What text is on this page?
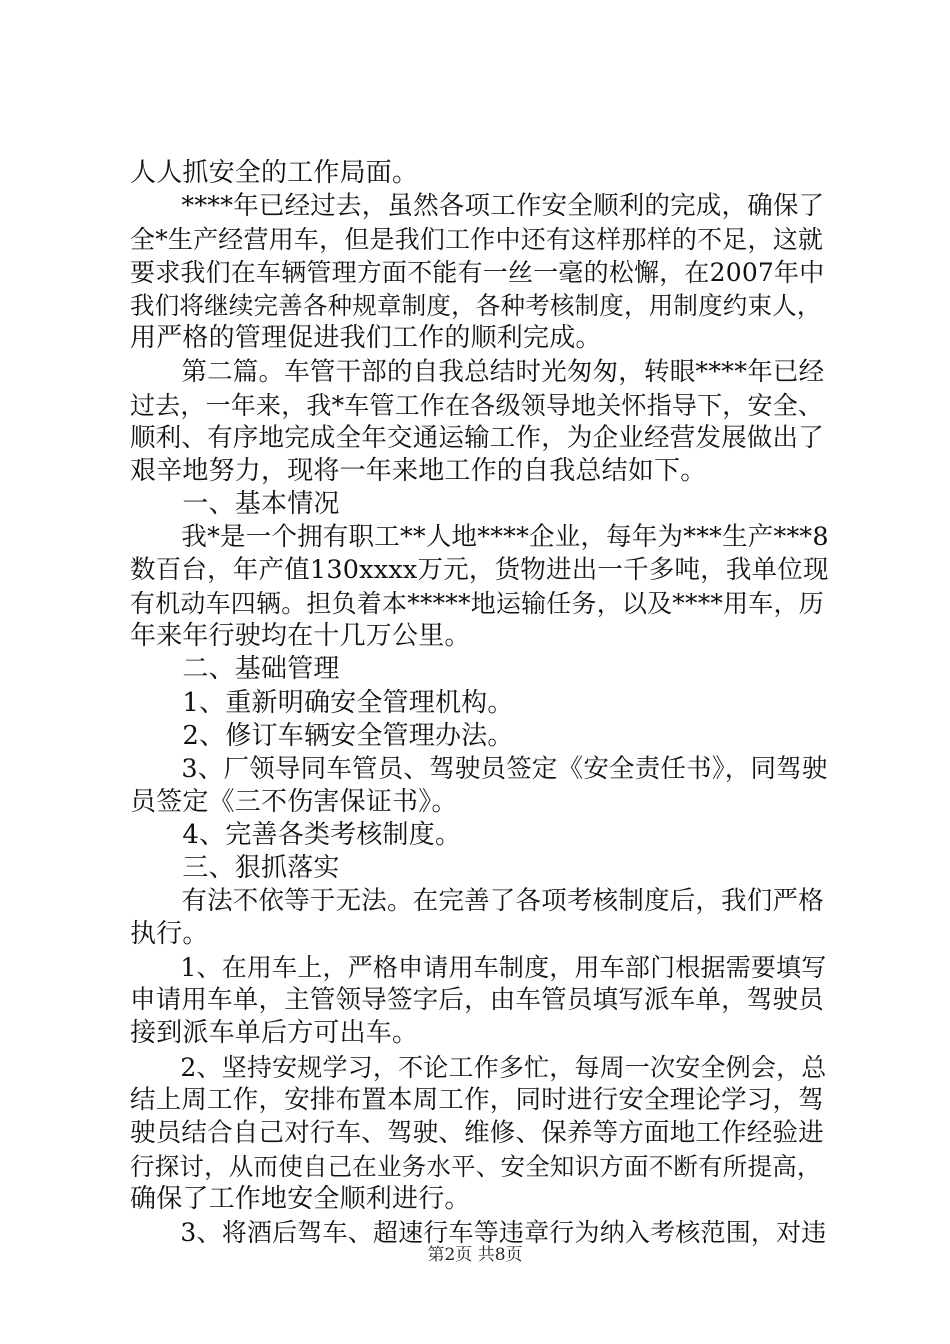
人人抓安全的工作局面。
　　****年已经过去，虽然各项工作安全顺利的完成，确保了
全*生产经营用车，但是我们工作中还有这样那样的不足，这就
要求我们在车辆管理方面不能有一丝一毫的松懈，在2007年中
我们将继续完善各种规章制度，各种考核制度，用制度约束人，
用严格的管理促进我们工作的顺利完成。
　　第二篇。车管干部的自我总结时光匆匆，转眼****年已经
过去，一年来，我*车管工作在各级领导地关怀指导下，安全、
顺利、有序地完成全年交通运输工作，为企业经营发展做出了
艰辛地努力，现将一年来地工作的自我总结如下。
　　一、基本情况
　　我*是一个拥有职工**人地****企业，每年为***生产***8
数百台，年产值130xxxx万元，货物进出一千多吨，我单位现
有机动车四辆。担负着本*****地运输任务，以及****用车，历
年来年行驶均在十几万公里。
　　二、基础管理
　　1、重新明确安全管理机构。
　　2、修订车辆安全管理办法。
　　3、厂领导同车管员、驾驶员签定《安全责任书》，同驾驶
员签定《三不伤害保证书》。
　　4、完善各类考核制度。
　　三、狠抓落实
　　有法不依等于无法。在完善了各项考核制度后，我们严格
执行。
　　1、在用车上，严格申请用车制度，用车部门根据需要填写
申请用车单，主管领导签字后，由车管员填写派车单，驾驶员
接到派车单后方可出车。
　　2、坚持安规学习，不论工作多忙，每周一次安全例会，总
结上周工作，安排布置本周工作，同时进行安全理论学习，驾
驶员结合自己对行车、驾驶、维修、保养等方面地工作经验进
行探讨，从而使自己在业务水平、安全知识方面不断有所提高，
确保了工作地安全顺利进行。
　　3、将酒后驾车、超速行车等违章行为纳入考核范围，对违
第2页 共8页
